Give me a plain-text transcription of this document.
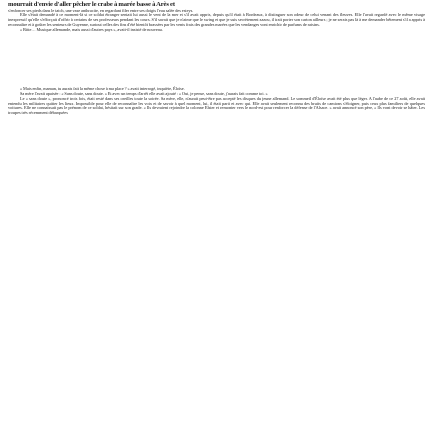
mourrait d'envie d'aller pêcher le crabe à marée basse à Arès et

s'enfoncer ses pieds dans le tatch, une vase anthracite, en regardant filer entre ses doigts l'eau salée des esteys.

Elle s'était demandé à ce moment-là si ce soldat étranger sentait lui aussi le vent de la mer et s'il avait appris, depuis qu'il était à Bordeaux, à distinguer son odeur de celui venant des fleuves. Elle l'avait regardé avec le même visage inexpressif qu'elle s'efforçait d'offrir à certains de ses professeurs pendant les cours. S'il savait que je n'aime que le swing et que je suis secrètement zazou, il irait porter son carton ailleurs ; je ne serais pas là à me demander bêtement s'il a appris à reconnaître et à goûter les senteurs de Guyenne, surtout celles des fins d'été bientôt brassées par les vents frais des grandes marées que les vendanges vont enrichir de parfums de raisins.

« Bitte… Musique allemande, mais aussi d'autres pays », avait-il insisté de nouveau.

« Mais enfin, maman, tu aurais fait la même chose à ma place ? » avait interrogé, inquiète, Éloïse.

Sa mère l'avait apaisée : « Sans doute, sans doute. » Et avec un temps d'arrêt elle avait ajouté : « Oui, je pense, sans doute, j'aurais fait comme toi. »

Le « sans doute », prononcé trois fois, était resté dans ses oreilles toute la soirée. Sa mère, elle, n'aurait peut-être pas accepté les disques du jeune allemand. Le sommeil d'Éloïse avait été plus que léger. A l'aube de ce 27 août, elle avait entendu les militaires quitter les lieux. Impossible pour elle de reconnaître les voix et de savoir à quel moment, lui, il était parti et avec qui. Elle avait seulement reconnu des bruits de camions s'éloigner, puis ceux plus familiers de quelques voitures. Elle ne connaissait pas le prénom de ce soldat, hésitait sur son grade. « Ils devraient rejoindre la colonne Elster et remonter vers le nord-est pour renforcer la défense de l'Alsace. » avait annoncé son père, « Ils vont devoir se hâter. Les troupes très récemment débarquées
